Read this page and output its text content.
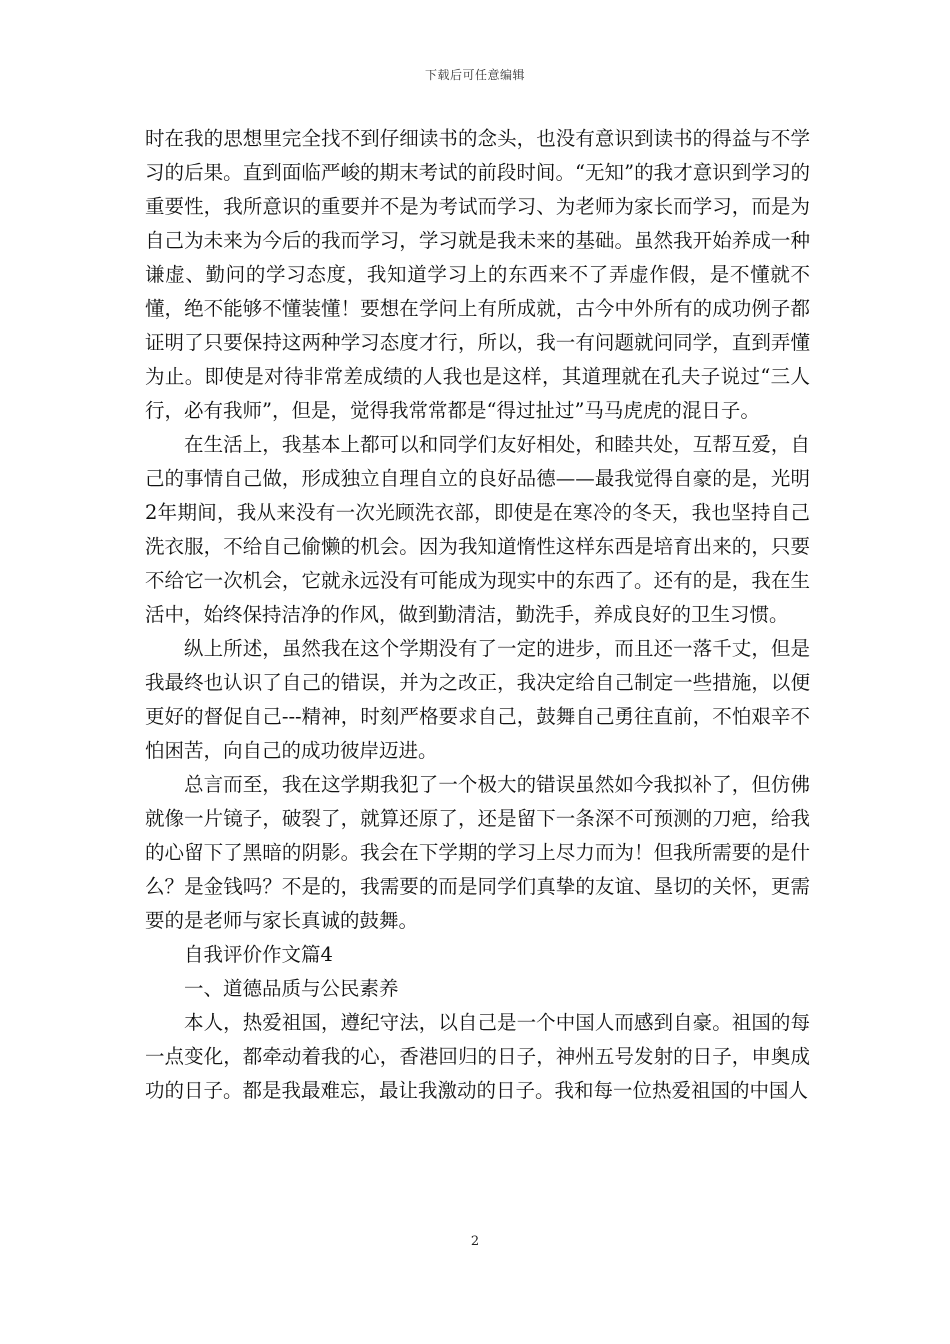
下载后可任意编辑

时在我的思想里完全找不到仔细读书的念头，也没有意识到读书的得益与不学习的后果。直到面临严峻的期末考试的前段时间。“无知”的我才意识到学习的重要性，我所意识的重要并不是为考试而学习、为老师为家长而学习，而是为自己为未来为今后的我而学习，学习就是我未来的基础。虽然我开始养成一种谦虚、勤问的学习态度，我知道学习上的东西来不了弄虚作假，是不懂就不懂，绝不能够不懂装懂！要想在学问上有所成就，古今中外所有的成功例子都证明了只要保持这两种学习态度才行，所以，我一有问题就问同学，直到弄懂为止。即使是对待非常差成绩的人我也是这样，其道理就在孔夫子说过“三人行，必有我师”，但是，觉得我常常都是“得过扯过”马马虎虎的混日子。

在生活上，我基本上都可以和同学们友好相处，和睦共处，互帮互爱，自己的事情自己做，形成独立自理自立的良好品德——最我觉得自豪的是，光明2年期间，我从来没有一次光顾洗衣部，即使是在寒冷的冬天，我也坚持自己洗衣服，不给自己偷懒的机会。因为我知道惰性这样东西是培育出来的，只要不给它一次机会，它就永远没有可能成为现实中的东西了。还有的是，我在生活中，始终保持洁净的作风，做到勤清洁，勤洗手，养成良好的卫生习惯。

纵上所述，虽然我在这个学期没有了一定的进步，而且还一落千丈，但是我最终也认识了自己的错误，并为之改正，我决定给自己制定一些措施，以便更好的督促自己---精神，时刻严格要求自己，鼓舞自己勇往直前，不怕艰辛不怕困苦，向自己的成功彼岸迈进。

总言而至，我在这学期我犯了一个极大的错误虽然如今我拟补了，但仿佛就像一片镜子，破裂了，就算还原了，还是留下一条深不可预测的刀疤，给我的心留下了黑暗的阴影。我会在下学期的学习上尽力而为！但我所需要的是什么？是金钱吗？不是的，我需要的而是同学们真挚的友谊、垦切的关怀，更需要的是老师与家长真诚的鼓舞。

自我评价作文篇4

一、道德品质与公民素养

本人，热爱祖国，遵纪守法，以自己是一个中国人而感到自豪。祖国的每一点变化，都牵动着我的心，香港回归的日子，神州五号发射的日子，申奥成功的日子。都是我最难忘，最让我激动的日子。我和每一位热爱祖国的中国人

2
